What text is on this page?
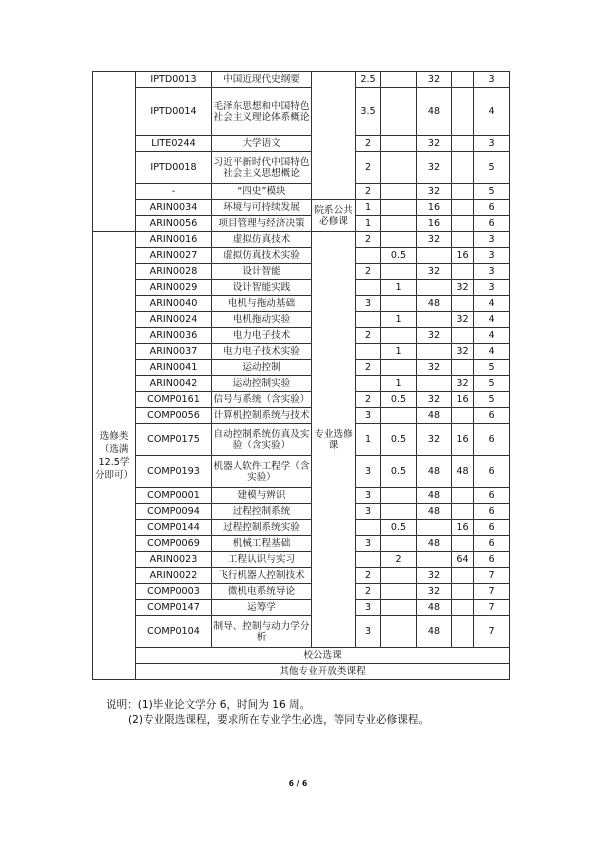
	IPTD0013	中国近现代史纲要		2.5		32		3
	IPTD0014	毛泽东思想和中国特色社会主义理论体系概论		3.5		48		4
	LITE0244	大学语文		2		32		3
	IPTD0018	习近平新时代中国特色社会主义思想概论		2		32		5
	-	“四史”模块		2		32		5
	ARIN0034	环境与可持续发展	院系公共必修课	1		16		6
	ARIN0056	项目管理与经济决策		1		16		6
选修类（选满12.5学分即可）	ARIN0016	虚拟仿真技术	专业选修课	2		32		3
	ARIN0027	虚拟仿真技术实验			0.5		16	3
	ARIN0028	设计智能		2		32		3
	ARIN0029	设计智能实践			1		32	3
	ARIN0040	电机与拖动基础		3		48		4
	ARIN0024	电机拖动实验			1		32	4
	ARIN0036	电力电子技术		2		32		4
	ARIN0037	电力电子技术实验			1		32	4
	ARIN0041	运动控制		2		32		5
	ARIN0042	运动控制实验			1		32	5
	COMP0161	信号与系统（含实验）		2	0.5	32	16	5
	COMP0056	计算机控制系统与技术		3		48		6
	COMP0175	自动控制系统仿真及实验（含实验）		1	0.5	32	16	6
	COMP0193	机器人软件工程学（含实验）		3	0.5	48	48	6
	COMP0001	建模与辨识		3		48		6
	COMP0094	过程控制系统		3		48		6
	COMP0144	过程控制系统实验			0.5		16	6
	COMP0069	机械工程基础		3		48		6
	ARIN0023	工程认识与实习			2		64	6
	ARIN0022	飞行机器人控制技术		2		32		7
	COMP0003	微机电系统导论		2		32		7
	COMP0147	运筹学		3		48		7
	COMP0104	制导、控制与动力学分析		3		48		7
	校公选课							
	其他专业开放类课程							
说明：(1)毕业论文学分 6，时间为 16 周。
(2)专业限选课程，要求所在专业学生必选，等同专业必修课程。
6 / 6
